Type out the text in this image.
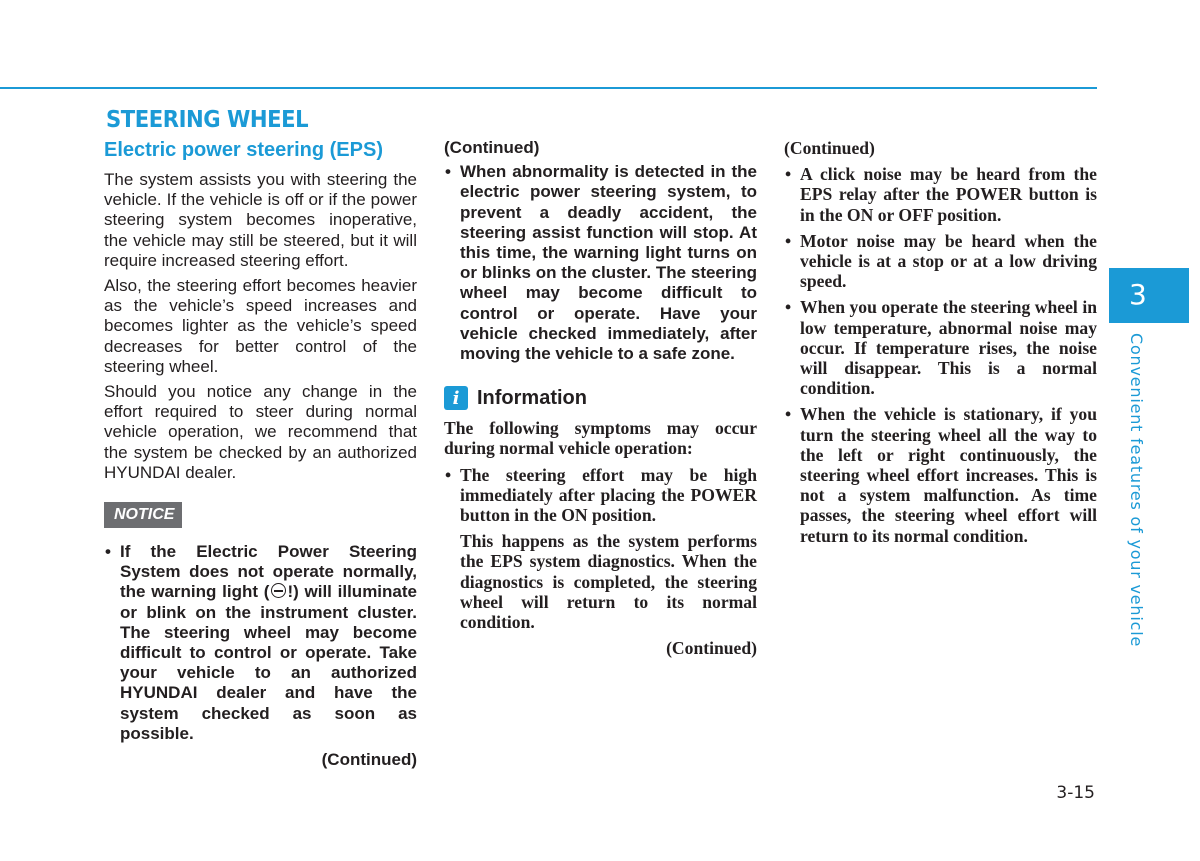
STEERING WHEEL
Electric power steering (EPS)

The system assists you with steering the vehicle. If the vehicle is off or if the power steering system becomes inoperative, the vehicle may still be steered, but it will require increased steering effort.

Also, the steering effort becomes heavier as the vehicle’s speed increases and becomes lighter as the vehicle’s speed decreases for better control of the steering wheel.

Should you notice any change in the effort required to steer during normal vehicle operation, we recommend that the system be checked by an authorized HYUNDAI dealer.

NOTICE
• If the Electric Power Steering System does not operate normally, the warning light ( !) will illuminate or blink on the instrument cluster. The steering wheel may become difficult to control or operate. Take your vehicle to an authorized HYUNDAI dealer and have the system checked as soon as possible.

(Continued)

(Continued)

• When abnormality is detected in the electric power steering system, to prevent a deadly accident, the steering assist function will stop. At this time, the warning light turns on or blinks on the cluster. The steering wheel may become difficult to control or operate. Have your vehicle checked immediately, after moving the vehicle to a safe zone.
i Information

The following symptoms may occur during normal vehicle operation:

• The steering effort may be high immediately after placing the POWER button in the ON position.

This happens as the system performs the EPS system diagnostics. When the diagnostics is completed, the steering wheel will return to its normal condition.

(Continued)

(Continued)

• A click noise may be heard from the EPS relay after the POWER button is in the ON or OFF position.
• Motor noise may be heard when the vehicle is at a stop or at a low driving speed.
• When you operate the steering wheel in low temperature, abnormal noise may occur. If temperature rises, the noise will disappear. This is a normal condition.
• When the vehicle is stationary, if you turn the steering wheel all the way to the left or right continuously, the steering wheel effort increases. This is not a system malfunction. As time passes, the steering wheel effort will return to its normal condition.
3
Convenient features of your vehicle
3-15
